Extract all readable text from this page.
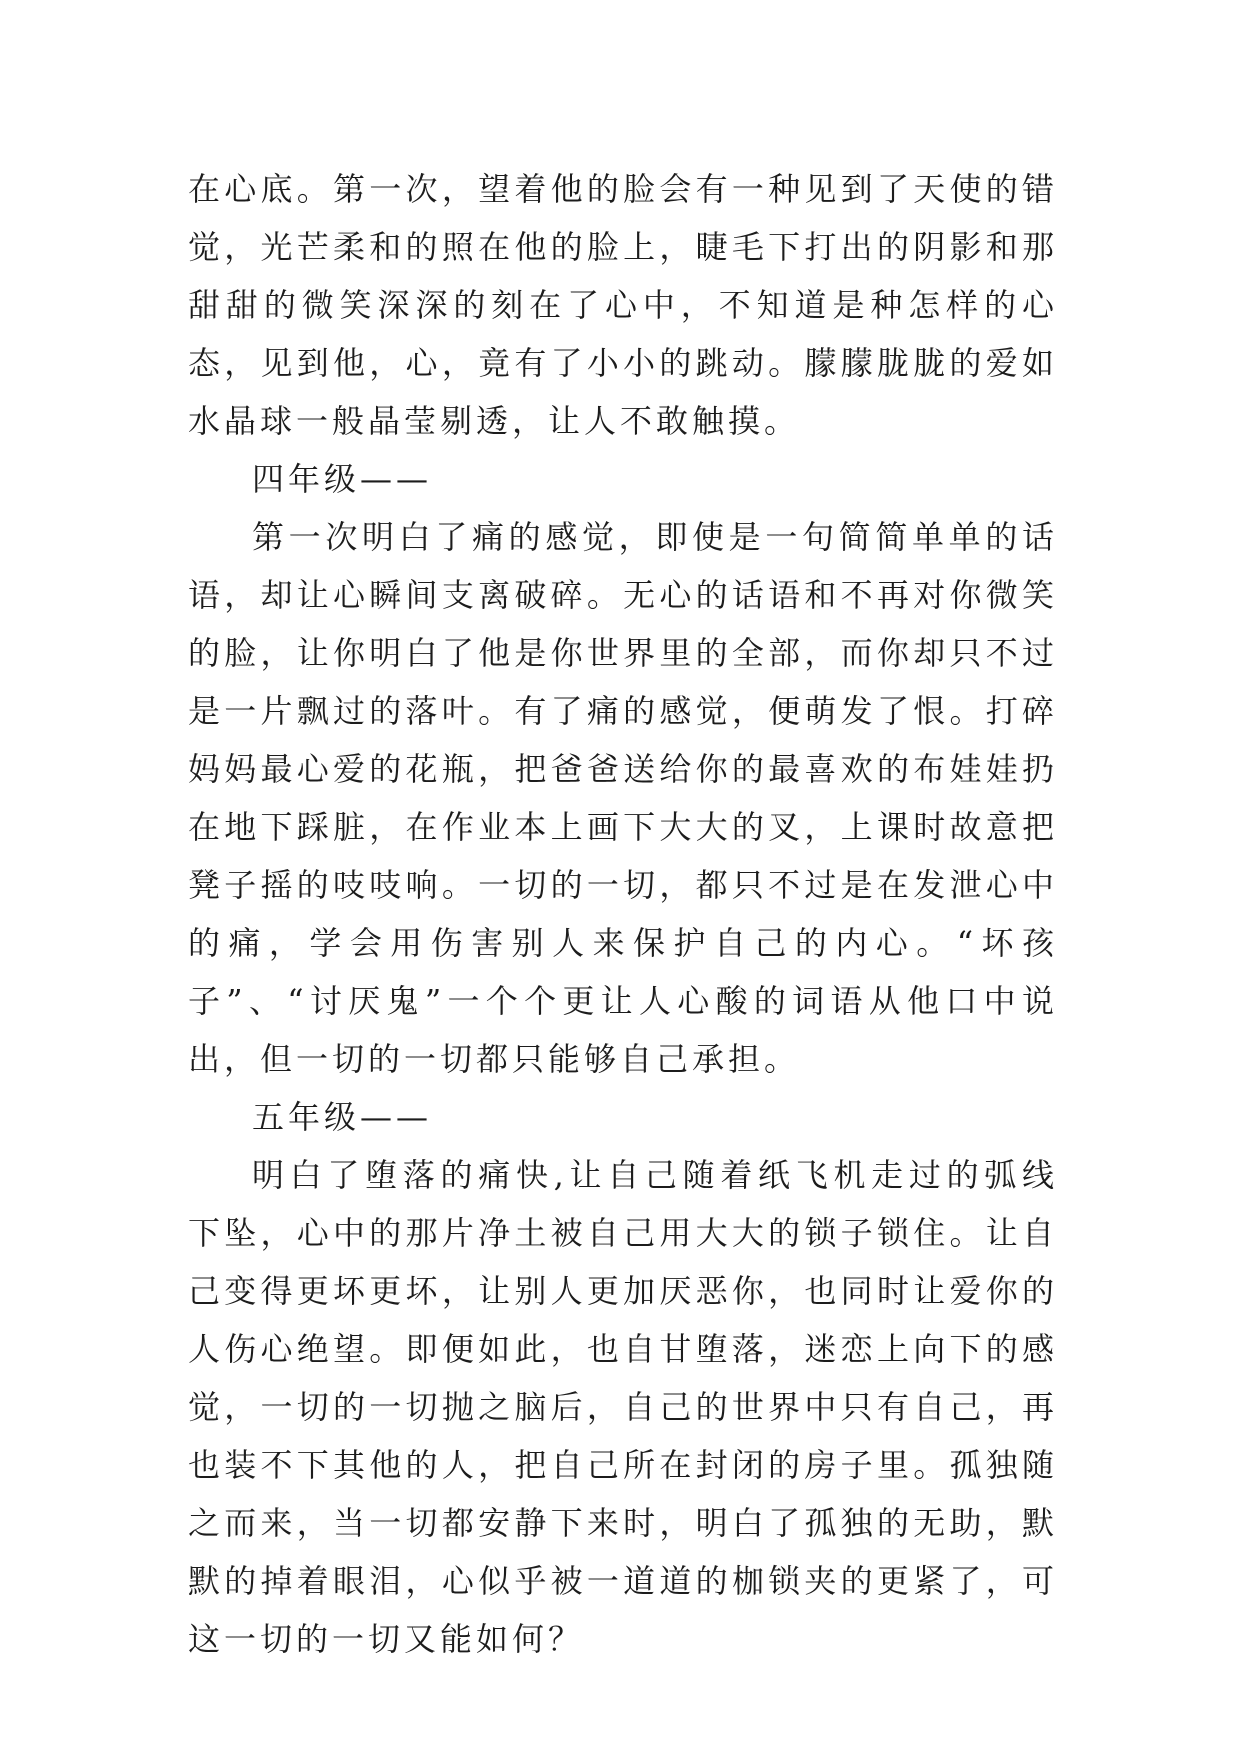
在心底。第一次，望着他的脸会有一种见到了天使的错觉，光芒柔和的照在他的脸上，睫毛下打出的阴影和那甜甜的微笑深深的刻在了心中，不知道是种怎样的心态，见到他，心，竟有了小小的跳动。朦朦胧胧的爱如水晶球一般晶莹剔透，让人不敢触摸。

四年级——

第一次明白了痛的感觉，即使是一句简简单单的话语，却让心瞬间支离破碎。无心的话语和不再对你微笑的脸，让你明白了他是你世界里的全部，而你却只不过是一片飘过的落叶。有了痛的感觉，便萌发了恨。打碎妈妈最心爱的花瓶，把爸爸送给你的最喜欢的布娃娃扔在地下踩脏，在作业本上画下大大的叉，上课时故意把凳子摇的吱吱响。一切的一切，都只不过是在发泄心中的痛，学会用伤害别人来保护自己的内心。“坏孩子”、“讨厌鬼”一个个更让人心酸的词语从他口中说出，但一切的一切都只能够自己承担。

五年级——

明白了堕落的痛快,让自己随着纸飞机走过的弧线下坠，心中的那片净土被自己用大大的锁子锁住。让自己变得更坏更坏，让别人更加厌恶你，也同时让爱你的人伤心绝望。即便如此，也自甘堕落，迷恋上向下的感觉，一切的一切抛之脑后，自己的世界中只有自己，再也装不下其他的人，把自己所在封闭的房子里。孤独随之而来，当一切都安静下来时，明白了孤独的无助，默默的掉着眼泪，心似乎被一道道的枷锁夹的更紧了，可这一切的一切又能如何？
